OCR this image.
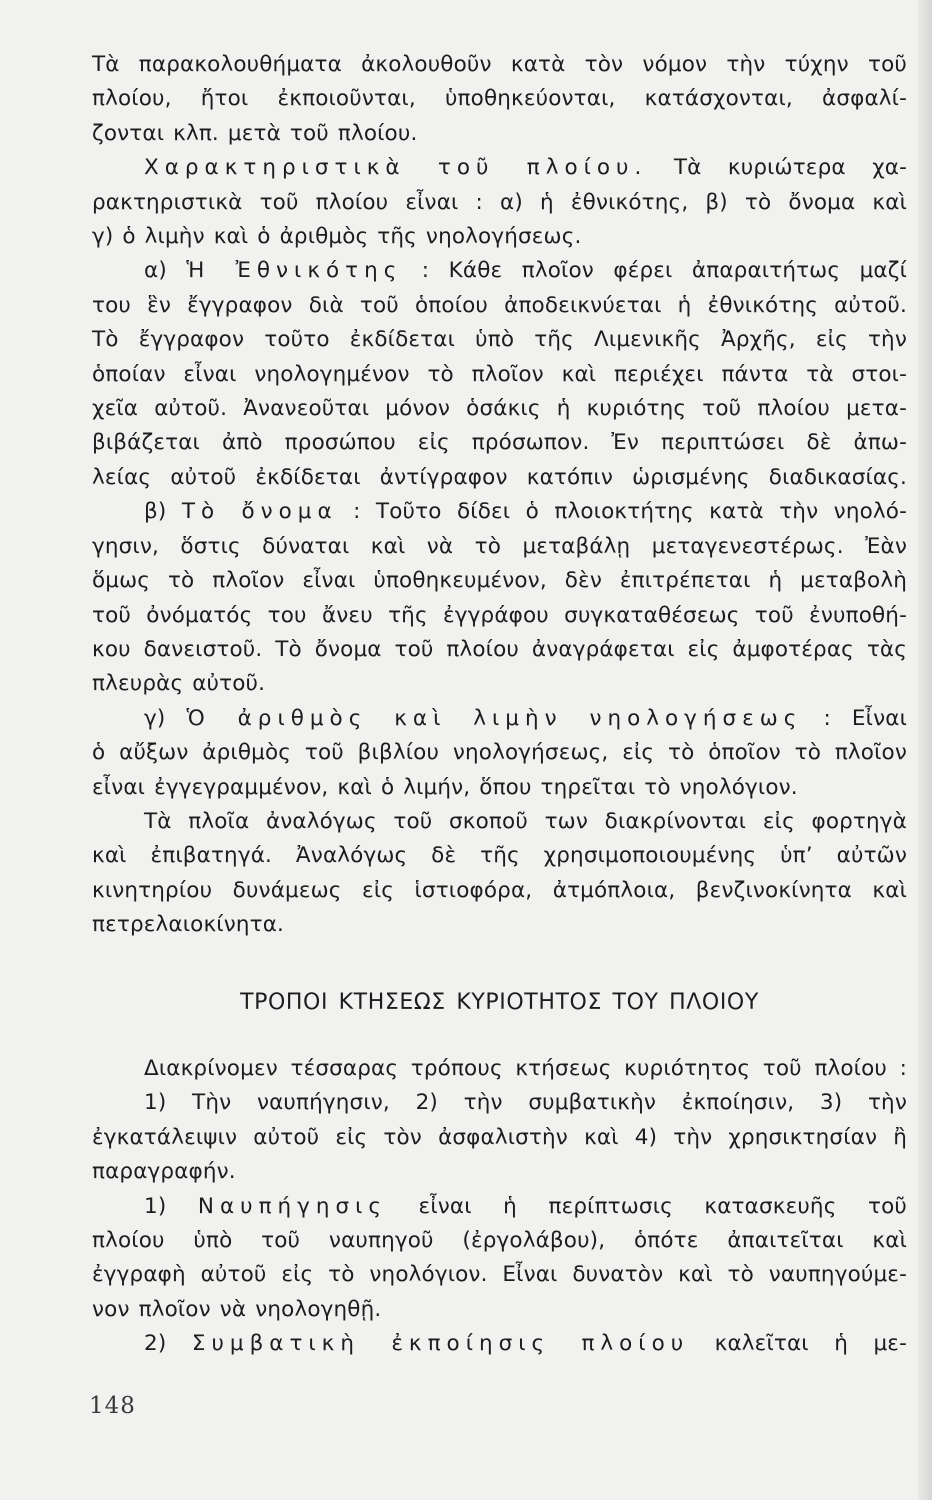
Τὰ παρακολουθήματα ἀκολουθοῦν κατὰ τὸν νόμον τὴν τύχην τοῦ

πλοίου, ἤτοι ἐκποιοῦνται, ὑποθηκεύονται, κατάσχονται, ἀσφαλί-

ζονται κλπ. μετὰ τοῦ πλοίου.

Χαρακτηριστικὰ τοῦ πλοίου. Τὰ κυριώτερα χα-

ρακτηριστικὰ τοῦ πλοίου εἶναι : α) ἡ ἐθνικότης, β) τὸ ὄνομα καὶ

γ) ὁ λιμὴν καὶ ὁ ἀριθμὸς τῆς νηολογήσεως.

α) Ἡ Ἐθνικότης : Κάθε πλοῖον φέρει ἀπαραιτήτως μαζί

του ἓν ἔγγραφον διὰ τοῦ ὁποίου ἀποδεικνύεται ἡ ἐθνικότης αὐτοῦ.

Τὸ ἔγγραφον τοῦτο ἐκδίδεται ὑπὸ τῆς Λιμενικῆς Ἀρχῆς, εἰς τὴν

ὁποίαν εἶναι νηολογημένον τὸ πλοῖον καὶ περιέχει πάντα τὰ στοι-

χεῖα αὐτοῦ. Ἀνανεοῦται μόνον ὁσάκις ἡ κυριότης τοῦ πλοίου μετα-

βιβάζεται ἀπὸ προσώπου εἰς πρόσωπον. Ἐν περιπτώσει δὲ ἀπω-

λείας αὐτοῦ ἐκδίδεται ἀντίγραφον κατόπιν ὡρισμένης διαδικασίας.

β) Τὸ ὄνομα : Τοῦτο δίδει ὁ πλοιοκτήτης κατὰ τὴν νηολό-

γησιν, ὅστις δύναται καὶ νὰ τὸ μεταβάλῃ μεταγενεστέρως. Ἐὰν

ὅμως τὸ πλοῖον εἶναι ὑποθηκευμένον, δὲν ἐπιτρέπεται ἡ μεταβολὴ

τοῦ ὀνόματός του ἄνευ τῆς ἐγγράφου συγκαταθέσεως τοῦ ἐνυποθή-

κου δανειστοῦ. Τὸ ὄνομα τοῦ πλοίου ἀναγράφεται εἰς ἀμφοτέρας τὰς

πλευρὰς αὐτοῦ.

γ) Ὁ ἀριθμὸς καὶ λιμὴν νηολογήσεως : Εἶναι

ὁ αὔξων ἀριθμὸς τοῦ βιβλίου νηολογήσεως, εἰς τὸ ὁποῖον τὸ πλοῖον

εἶναι ἐγγεγραμμένον, καὶ ὁ λιμήν, ὅπου τηρεῖται τὸ νηολόγιον.

Τὰ πλοῖα ἀναλόγως τοῦ σκοποῦ των διακρίνονται εἰς φορτηγὰ

καὶ ἐπιβατηγά. Ἀναλόγως δὲ τῆς χρησιμοποιουμένης ὑπ’ αὐτῶν

κινητηρίου δυνάμεως εἰς ἱστιοφόρα, ἀτμόπλοια, βενζινοκίνητα καὶ

πετρελαιοκίνητα.

ΤΡΟΠΟΙ ΚΤΗΣΕΩΣ ΚΥΡΙΟΤΗΤΟΣ ΤΟΥ ΠΛΟΙΟΥ

Διακρίνομεν τέσσαρας τρόπους κτήσεως κυριότητος τοῦ πλοίου :

1) Τὴν ναυπήγησιν, 2) τὴν συμβατικὴν ἐκποίησιν, 3) τὴν

ἐγκατάλειψιν αὐτοῦ εἰς τὸν ἀσφαλιστὴν καὶ 4) τὴν χρησικτησίαν ἢ

παραγραφήν.

1) Ναυπήγησις εἶναι ἡ περίπτωσις κατασκευῆς τοῦ

πλοίου ὑπὸ τοῦ ναυπηγοῦ (ἐργολάβου), ὁπότε ἀπαιτεῖται καὶ

ἐγγραφὴ αὐτοῦ εἰς τὸ νηολόγιον. Εἶναι δυνατὸν καὶ τὸ ναυπηγούμε-

νον πλοῖον νὰ νηολογηθῇ.

2) Συμβατικὴ ἐκποίησις πλοίου καλεῖται ἡ με-

148
